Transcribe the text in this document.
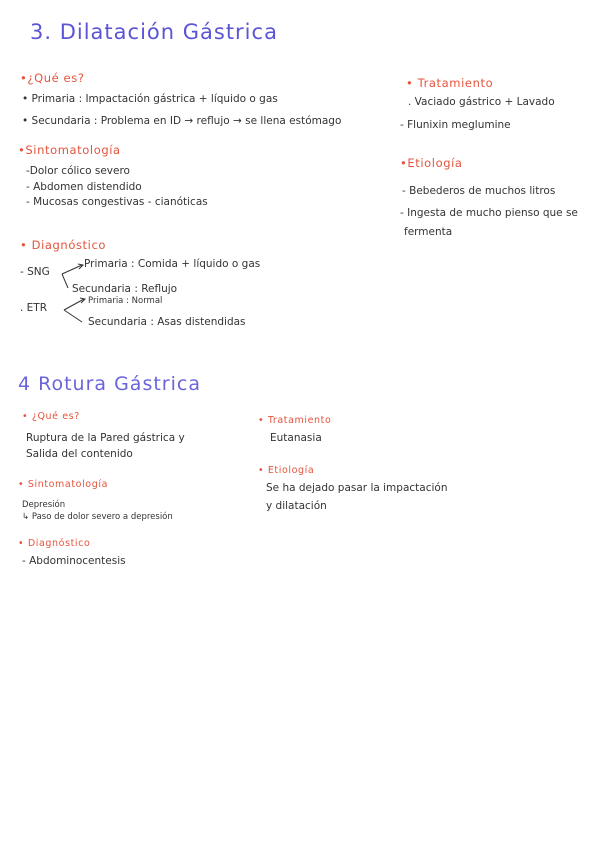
3. Dilatación Gástrica
•¿Qué es?
• Primaria : Impactación gástrica + líquido o gas
• Secundaria : Problema en ID → reflujo → se llena estómago
•Sintomatología
-Dolor cólico severo
- Abdomen distendido
- Mucosas congestivas - cianóticas
• Diagnóstico
- SNG
Primaria : Comida + líquido o gas
Secundaria : Reflujo
. ETR
Primaria : Normal
Secundaria : Asas distendidas
• Tratamiento
. Vaciado gástrico + Lavado
- Flunixin meglumine
•Etiología
- Bebederos de muchos litros
- Ingesta de mucho pienso que se
fermenta
4 Rotura Gástrica
• ¿Qué es?
Ruptura de la Pared gástrica y
Salida del contenido
• Sintomatología
Depresión
↳ Paso de dolor severo a depresión
• Diagnóstico
- Abdominocentesis
• Tratamiento
Eutanasia
• Etiología
Se ha dejado pasar la impactación
y dilatación
